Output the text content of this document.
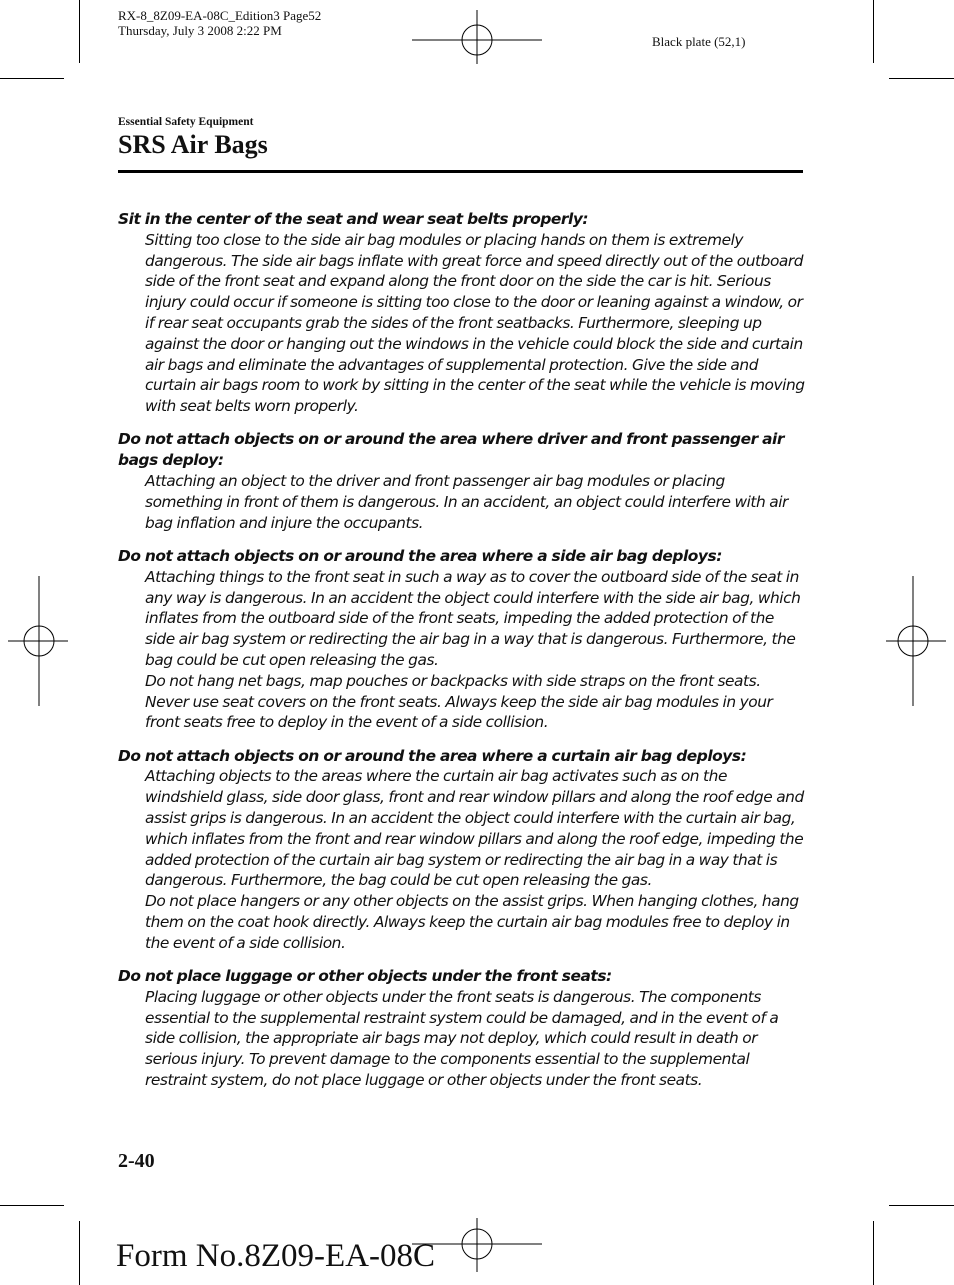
RX-8_8Z09-EA-08C_Edition3 Page52
Thursday, July 3 2008 2:22 PM
Black plate (52,1)
Essential Safety Equipment
SRS Air Bags

Sit in the center of the seat and wear seat belts properly:

Sitting too close to the side air bag modules or placing hands on them is extremely dangerous. The side air bags inflate with great force and speed directly out of the outboard side of the front seat and expand along the front door on the side the car is hit. Serious injury could occur if someone is sitting too close to the door or leaning against a window, or if rear seat occupants grab the sides of the front seatbacks. Furthermore, sleeping up against the door or hanging out the windows in the vehicle could block the side and curtain air bags and eliminate the advantages of supplemental protection. Give the side and curtain air bags room to work by sitting in the center of the seat while the vehicle is moving with seat belts worn properly.

Do not attach objects on or around the area where driver and front passenger air bags deploy:

Attaching an object to the driver and front passenger air bag modules or placing something in front of them is dangerous. In an accident, an object could interfere with air bag inflation and injure the occupants.

Do not attach objects on or around the area where a side air bag deploys:

Attaching things to the front seat in such a way as to cover the outboard side of the seat in any way is dangerous. In an accident the object could interfere with the side air bag, which inflates from the outboard side of the front seats, impeding the added protection of the side air bag system or redirecting the air bag in a way that is dangerous. Furthermore, the bag could be cut open releasing the gas.

Do not hang net bags, map pouches or backpacks with side straps on the front seats. Never use seat covers on the front seats. Always keep the side air bag modules in your front seats free to deploy in the event of a side collision.

Do not attach objects on or around the area where a curtain air bag deploys:

Attaching objects to the areas where the curtain air bag activates such as on the windshield glass, side door glass, front and rear window pillars and along the roof edge and assist grips is dangerous. In an accident the object could interfere with the curtain air bag, which inflates from the front and rear window pillars and along the roof edge, impeding the added protection of the curtain air bag system or redirecting the air bag in a way that is dangerous. Furthermore, the bag could be cut open releasing the gas.

Do not place hangers or any other objects on the assist grips. When hanging clothes, hang them on the coat hook directly. Always keep the curtain air bag modules free to deploy in the event of a side collision.

Do not place luggage or other objects under the front seats:

Placing luggage or other objects under the front seats is dangerous. The components essential to the supplemental restraint system could be damaged, and in the event of a side collision, the appropriate air bags may not deploy, which could result in death or serious injury. To prevent damage to the components essential to the supplemental restraint system, do not place luggage or other objects under the front seats.

2-40
Form No.8Z09-EA-08C
